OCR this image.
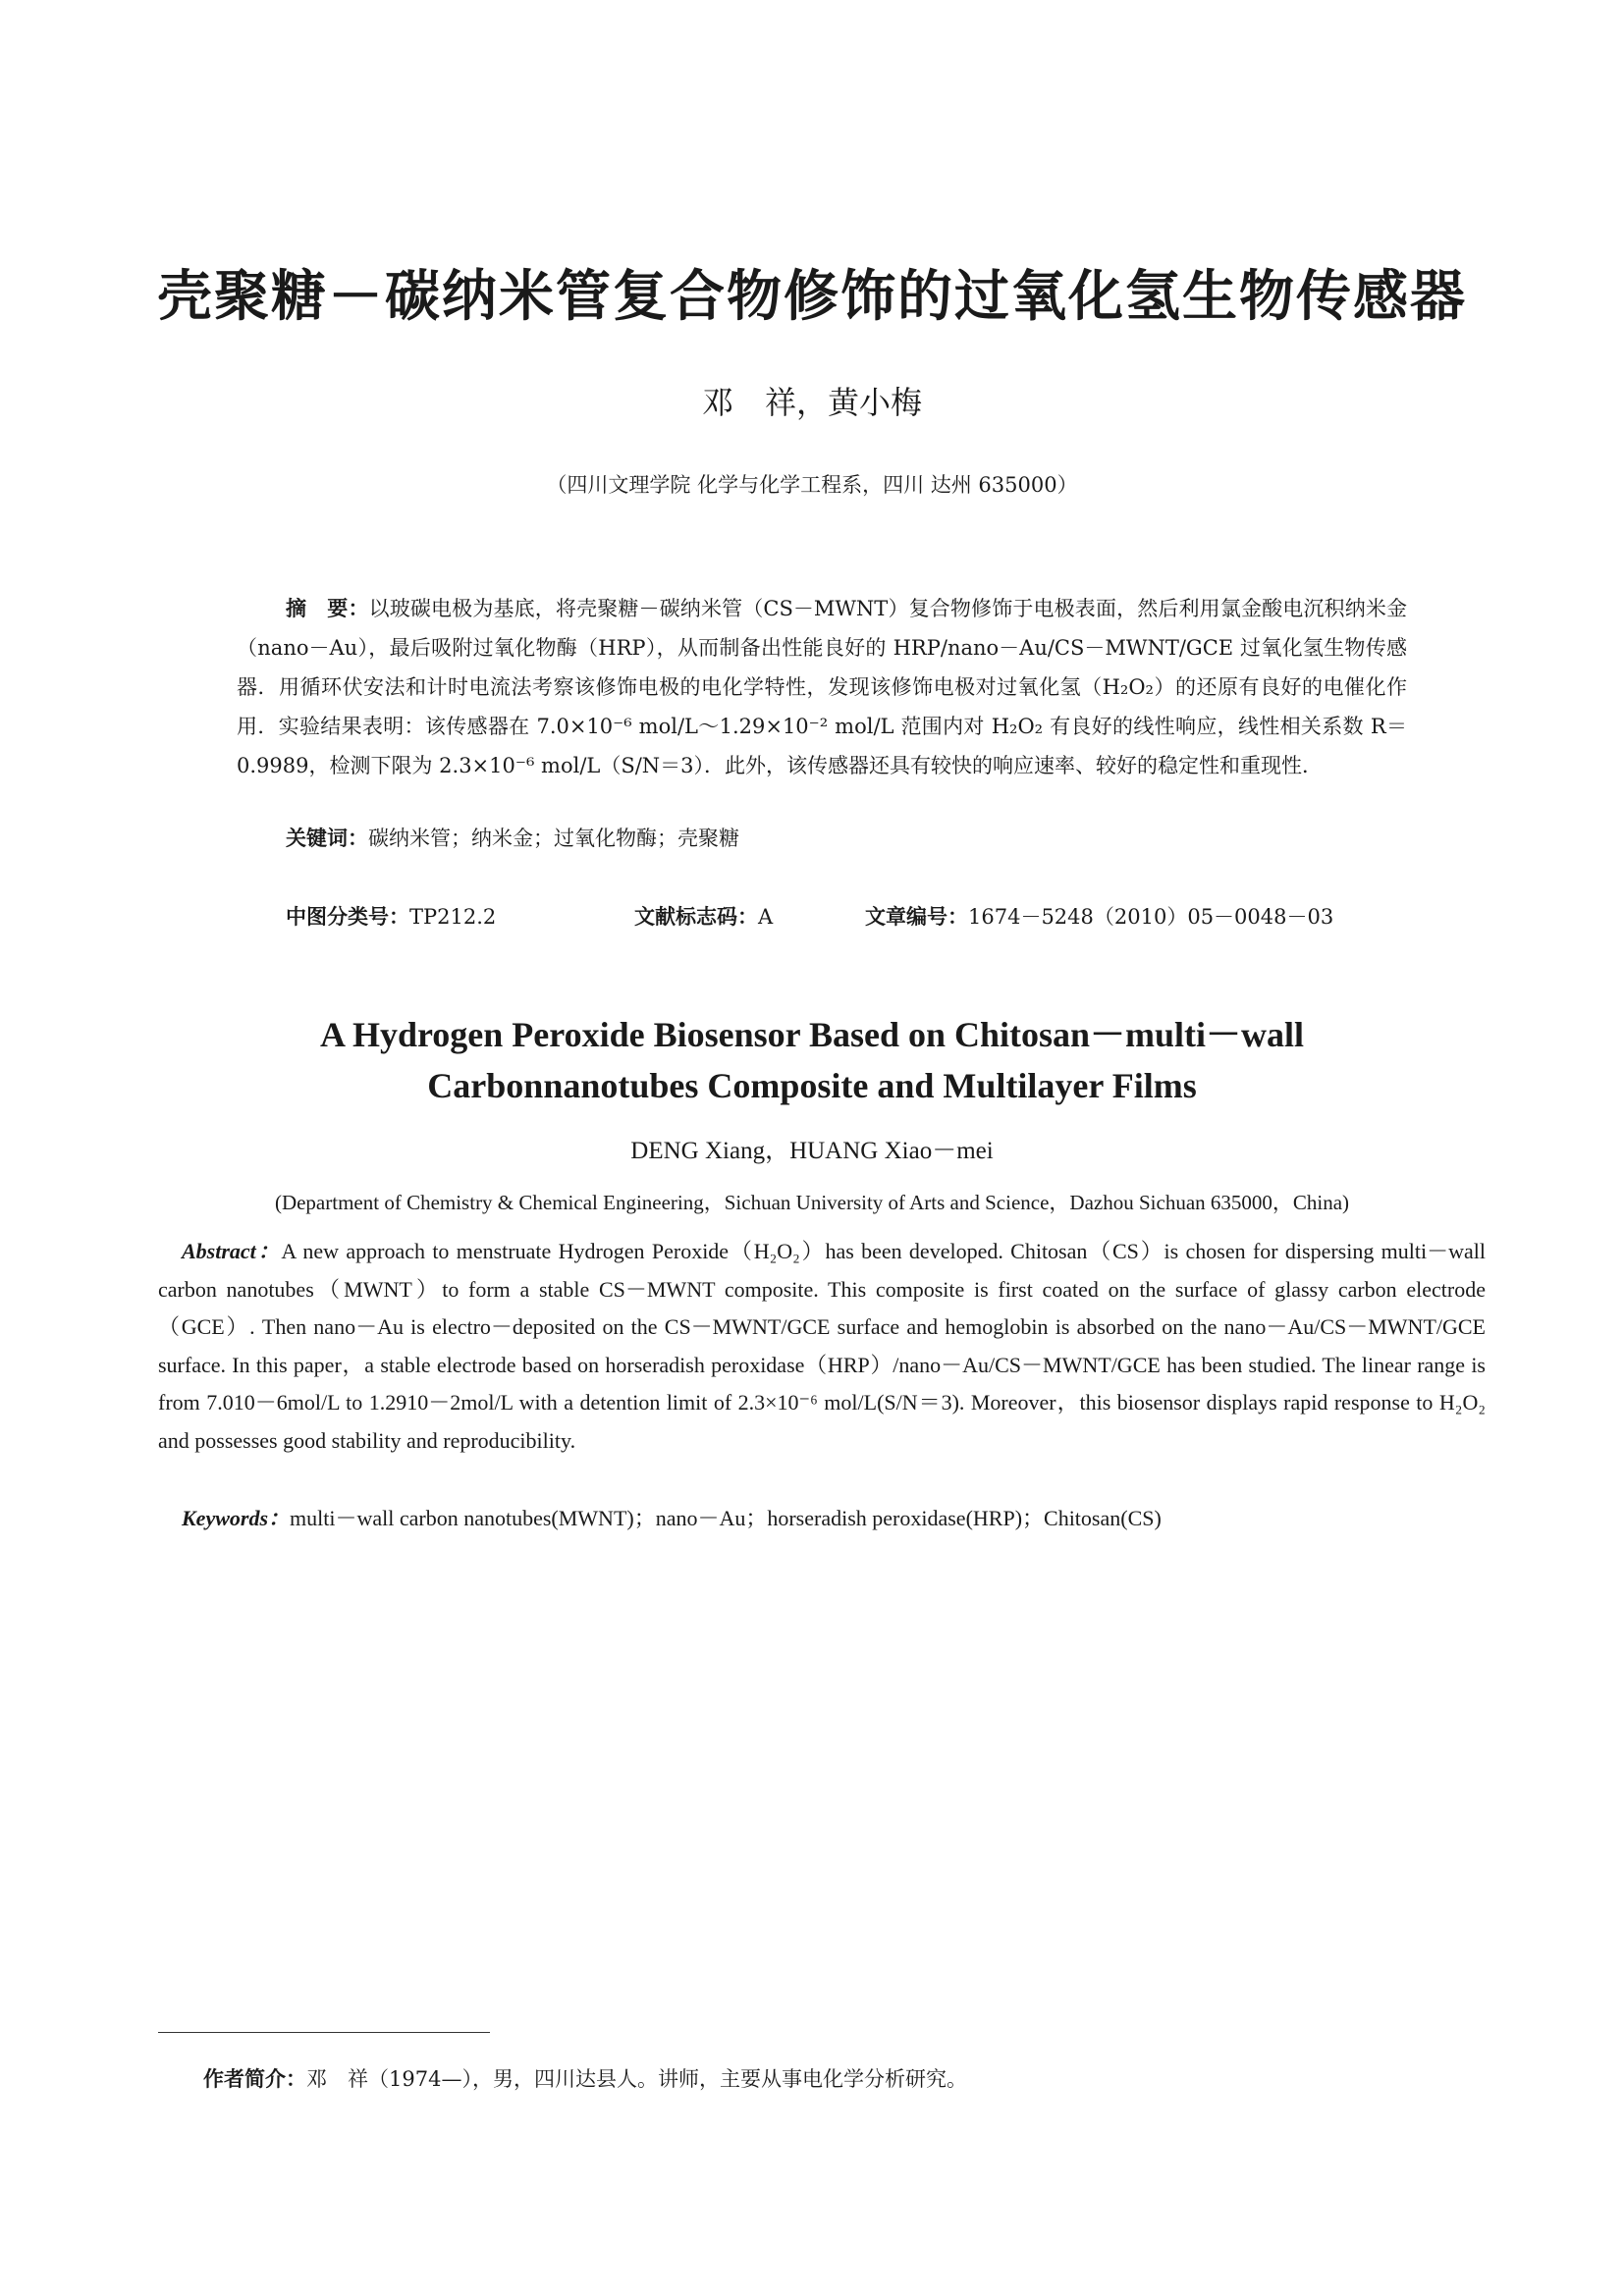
壳聚糖－碳纳米管复合物修饰的过氧化氢生物传感器
邓　祥，黄小梅
（四川文理学院 化学与化学工程系，四川 达州 635000）
摘　要：以玻碳电极为基底，将壳聚糖－碳纳米管（CS－MWNT）复合物修饰于电极表面，然后利用氯金酸电沉积纳米金（nano－Au），最后吸附过氧化物酶（HRP），从而制备出性能良好的 HRP/nano－Au/CS－MWNT/GCE 过氧化氢生物传感器．用循环伏安法和计时电流法考察该修饰电极的电化学特性，发现该修饰电极对过氧化氢（H₂O₂）的还原有良好的电催化作用．实验结果表明：该传感器在 7.0×10⁻⁶ mol/L～1.29×10⁻² mol/L 范围内对 H₂O₂ 有良好的线性响应，线性相关系数 R＝0.9989，检测下限为 2.3×10⁻⁶ mol/L（S/N＝3）．此外，该传感器还具有较快的响应速率、较好的稳定性和重现性．
关键词：碳纳米管；纳米金；过氧化物酶；壳聚糖
中图分类号：TP212.2	文献标志码：A	文章编号：1674－5248（2010）05－0048－03
A Hydrogen Peroxide Biosensor Based on Chitosan－multi－wall
Carbonnanotubes Composite and Multilayer Films
DENG Xiang，HUANG Xiao－mei
(Department of Chemistry & Chemical Engineering，Sichuan University of Arts and Science，Dazhou Sichuan 635000，China)
Abstract：A new approach to menstruate Hydrogen Peroxide（H₂O₂）has been developed. Chitosan（CS）is chosen for dispersing multi－wall carbon nanotubes（MWNT）to form a stable CS－MWNT composite. This composite is first coated on the surface of glassy carbon electrode（GCE）. Then nano－Au is electro－deposited on the CS－MWNT/GCE surface and hemoglobin is absorbed on the nano－Au/CS－MWNT/GCE surface. In this paper，a stable electrode based on horseradish peroxidase（HRP）/nano－Au/CS－MWNT/GCE has been studied. The linear range is from 7.010－6mol/L to 1.2910－2mol/L with a detention limit of 2.3×10⁻⁶ mol/L(S/N＝3). Moreover，this biosensor displays rapid response to H₂O₂ and possesses good stability and reproducibility.
Keywords：multi－wall carbon nanotubes(MWNT)；nano－Au；horseradish peroxidase(HRP)；Chitosan(CS)
作者简介：邓　祥（1974—），男，四川达县人。讲师，主要从事电化学分析研究。
